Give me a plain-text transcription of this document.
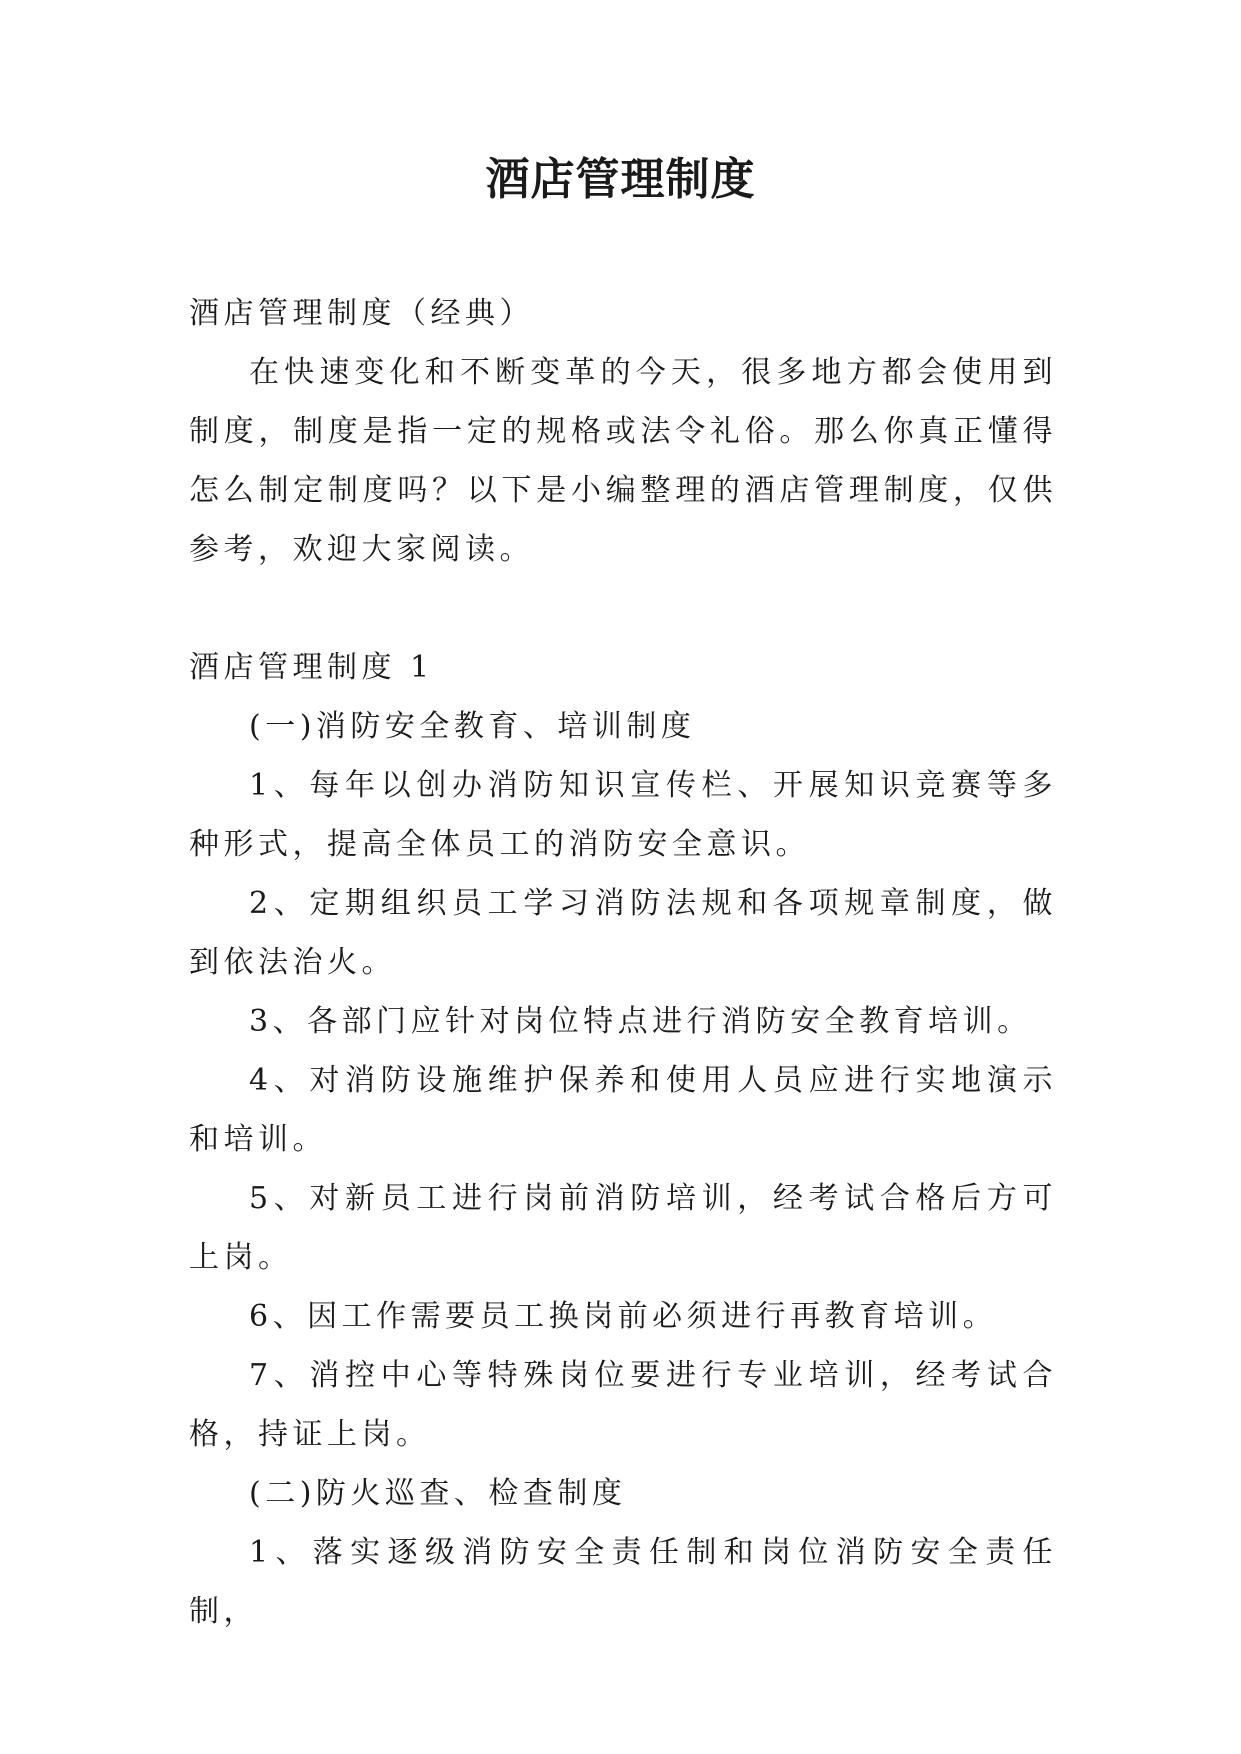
酒店管理制度

酒店管理制度（经典）

在快速变化和不断变革的今天，很多地方都会使用到制度，制度是指一定的规格或法令礼俗。那么你真正懂得怎么制定制度吗？以下是小编整理的酒店管理制度，仅供参考，欢迎大家阅读。

酒店管理制度 1

(一)消防安全教育、培训制度

1、每年以创办消防知识宣传栏、开展知识竞赛等多种形式，提高全体员工的消防安全意识。

2、定期组织员工学习消防法规和各项规章制度，做到依法治火。

3、各部门应针对岗位特点进行消防安全教育培训。

4、对消防设施维护保养和使用人员应进行实地演示和培训。

5、对新员工进行岗前消防培训，经考试合格后方可上岗。

6、因工作需要员工换岗前必须进行再教育培训。

7、消控中心等特殊岗位要进行专业培训，经考试合格，持证上岗。

(二)防火巡查、检查制度

1、落实逐级消防安全责任制和岗位消防安全责任制，
